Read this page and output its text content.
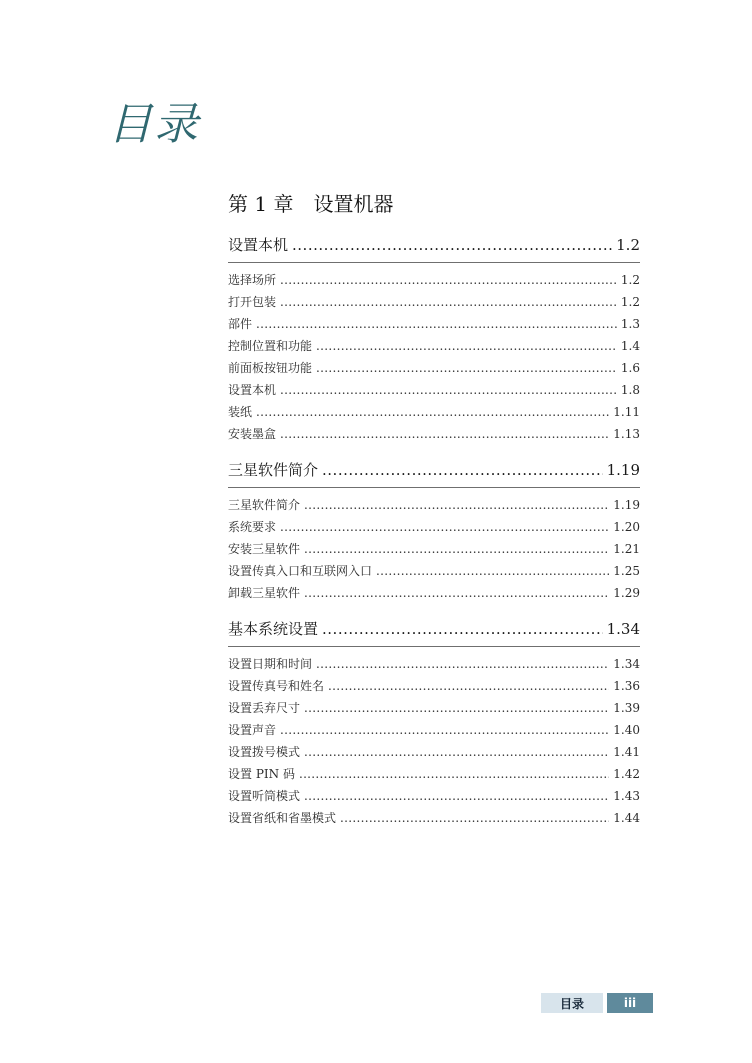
目录
第 1 章　设置机器
设置本机 .....	1.2
选择场所 .....	1.2
打开包装 .....	1.2
部件 .....	1.3
控制位置和功能 .....	1.4
前面板按钮功能 .....	1.6
设置本机 .....	1.8
装纸 .....	1.11
安装墨盒 .....	1.13
三星软件简介 .....	1.19
三星软件简介 .....	1.19
系统要求 .....	1.20
安装三星软件 .....	1.21
设置传真入口和互联网入口 .....	1.25
卸载三星软件 .....	1.29
基本系统设置 .....	1.34
设置日期和时间 .....	1.34
设置传真号和姓名 .....	1.36
设置丢弃尺寸 .....	1.39
设置声音 .....	1.40
设置拨号模式 .....	1.41
设置 PIN 码 .....	1.42
设置听筒模式 .....	1.43
设置省纸和省墨模式 .....	1.44
目录	iii
